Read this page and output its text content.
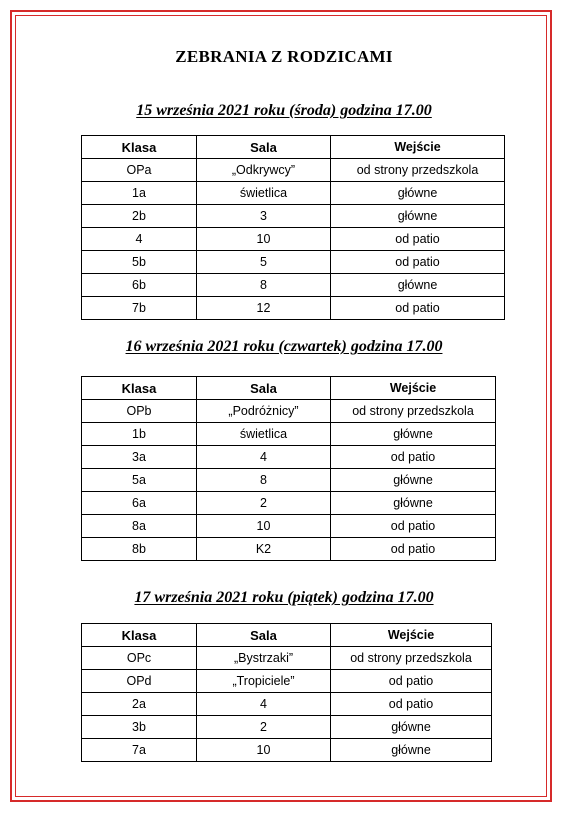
ZEBRANIA Z RODZICAMI
15 września 2021 roku (środa) godzina 17.00
Klasa	Sala	Wejście
OPa	„Odkrywcy”	od strony przedszkola
1a	świetlica	główne
2b	3	główne
4	10	od patio
5b	5	od patio
6b	8	główne
7b	12	od patio
16 września 2021 roku (czwartek) godzina 17.00
Klasa	Sala	Wejście
OPb	„Podróżnicy”	od strony przedszkola
1b	świetlica	główne
3a	4	od patio
5a	8	główne
6a	2	główne
8a	10	od patio
8b	K2	od patio
17 września 2021 roku (piątek) godzina 17.00
Klasa	Sala	Wejście
OPc	„Bystrzaki”	od strony przedszkola
OPd	„Tropiciele”	od patio
2a	4	od patio
3b	2	główne
7a	10	główne
